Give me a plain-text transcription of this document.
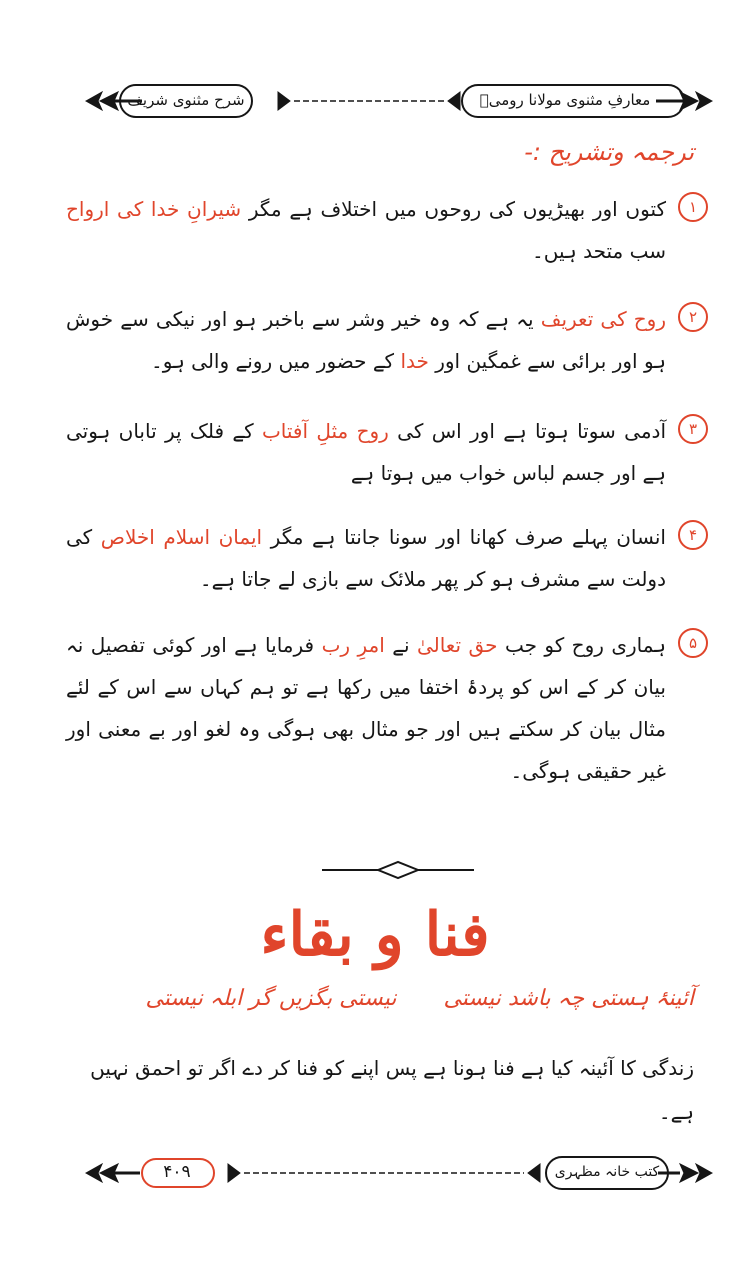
شرح مثنوی شریف	معارفِ مثنوی مولانا رومیؒ
ترجمہ وتشریح :-
۱
کتوں اور بھیڑیوں کی روحوں میں اختلاف ہے مگر شیرانِ خدا کی ارواح سب متحد ہیں۔
۲
روح کی تعریف یہ ہے کہ وہ خیر وشر سے باخبر ہو اور نیکی سے خوش ہو اور برائی سے غمگین اور خدا کے حضور میں رونے والی ہو۔
۳
آدمی سوتا ہوتا ہے اور اس کی روح مثلِ آفتاب کے فلک پر تاباں ہوتی ہے اور جسم لباس خواب میں ہوتا ہے
۴
انسان پہلے صرف کھانا اور سونا جانتا ہے مگر ایمان اسلام اخلاص کی دولت سے مشرف ہو کر پھر ملائک سے بازی لے جاتا ہے۔
۵
ہماری روح کو جب حق تعالیٰ نے امرِ رب فرمایا ہے اور کوئی تفصیل نہ بیان کر کے اس کو پردۂ اختفا میں رکھا ہے تو ہم کہاں سے اس کے لئے مثال بیان کر سکتے ہیں اور جو مثال بھی ہوگی وہ لغو اور بے معنی اور غیر حقیقی ہوگی۔
فنا و بقاء
آئینۂ ہستی چہ باشد نیستی نیستی بگزیں گر ابلہ نیستی
زندگی کا آئینہ کیا ہے فنا ہونا ہے پس اپنے کو فنا کر دے اگر تو احمق نہیں ہے۔
۴۰۹	کتب خانہ مظہری
